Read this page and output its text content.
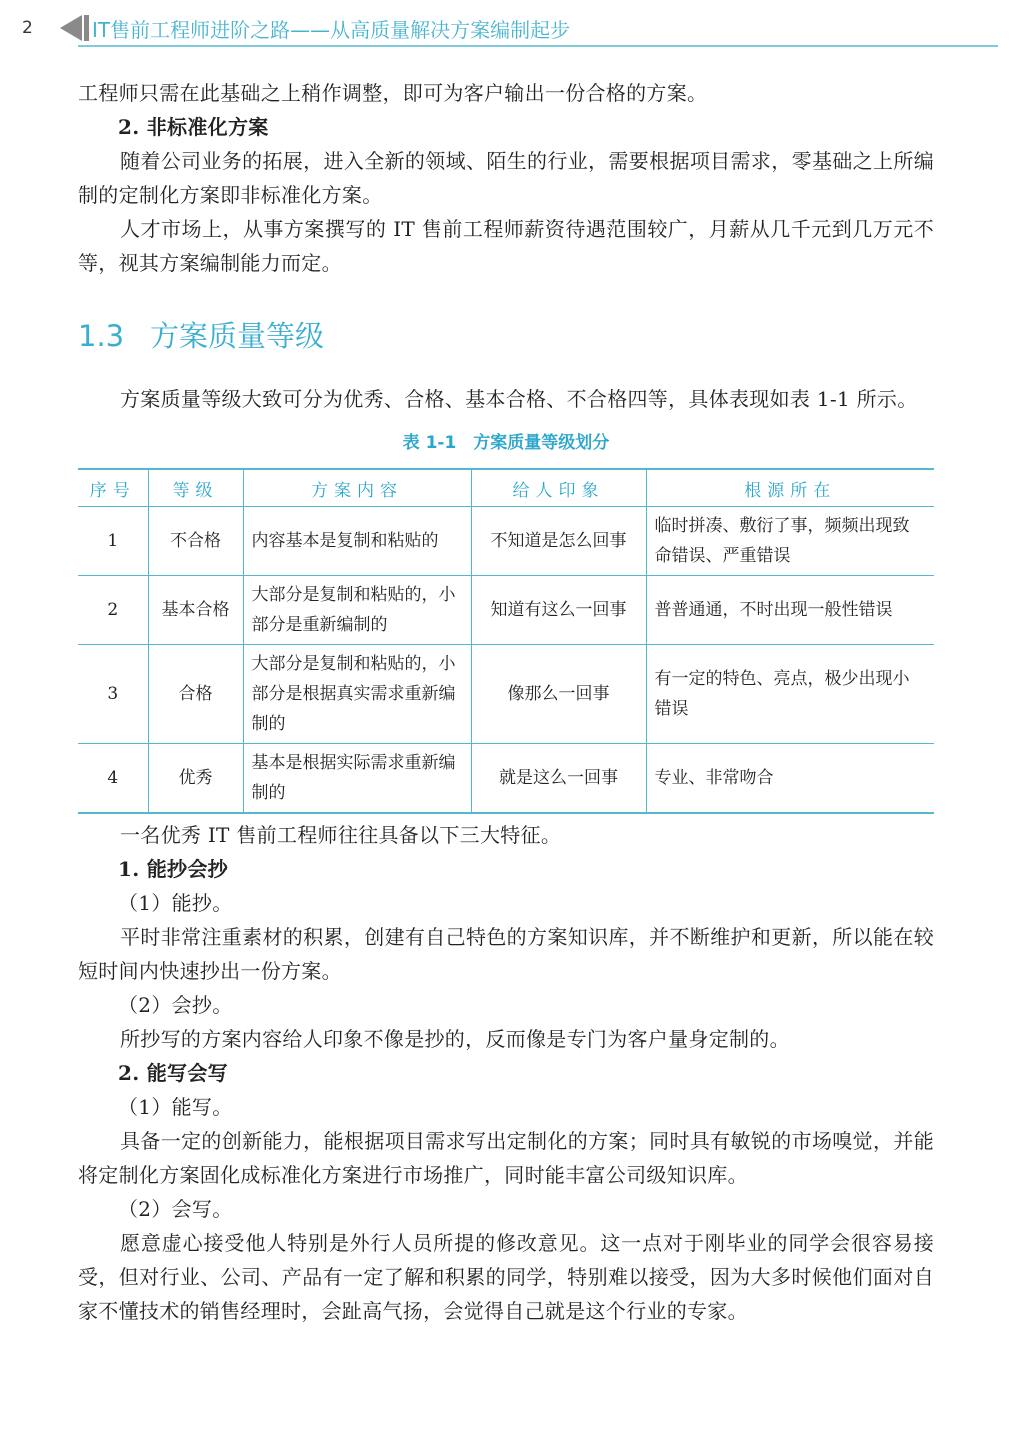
2	IT售前工程师进阶之路——从高质量解决方案编制起步

工程师只需在此基础之上稍作调整，即可为客户输出一份合格的方案。

2. 非标准化方案

随着公司业务的拓展，进入全新的领域、陌生的行业，需要根据项目需求，零基础之上所编制的定制化方案即非标准化方案。

人才市场上，从事方案撰写的 IT 售前工程师薪资待遇范围较广，月薪从几千元到几万元不等，视其方案编制能力而定。

1.3 方案质量等级

方案质量等级大致可分为优秀、合格、基本合格、不合格四等，具体表现如表 1-1 所示。

表 1-1　方案质量等级划分
序号	等级	方案内容	给人印象	根源所在
1	不合格	内容基本是复制和粘贴的	不知道是怎么回事	临时拼凑、敷衍了事，频频出现致命错误、严重错误
2	基本合格	大部分是复制和粘贴的，小部分是重新编制的	知道有这么一回事	普普通通，不时出现一般性错误
3	合格	大部分是复制和粘贴的，小部分是根据真实需求重新编制的	像那么一回事	有一定的特色、亮点，极少出现小错误
4	优秀	基本是根据实际需求重新编制的	就是这么一回事	专业、非常吻合

一名优秀 IT 售前工程师往往具备以下三大特征。

1. 能抄会抄

（1）能抄。

平时非常注重素材的积累，创建有自己特色的方案知识库，并不断维护和更新，所以能在较短时间内快速抄出一份方案。

（2）会抄。

所抄写的方案内容给人印象不像是抄的，反而像是专门为客户量身定制的。

2. 能写会写

（1）能写。

具备一定的创新能力，能根据项目需求写出定制化的方案；同时具有敏锐的市场嗅觉，并能将定制化方案固化成标准化方案进行市场推广，同时能丰富公司级知识库。

（2）会写。

愿意虚心接受他人特别是外行人员所提的修改意见。这一点对于刚毕业的同学会很容易接受，但对行业、公司、产品有一定了解和积累的同学，特别难以接受，因为大多时候他们面对自家不懂技术的销售经理时，会趾高气扬，会觉得自己就是这个行业的专家。
